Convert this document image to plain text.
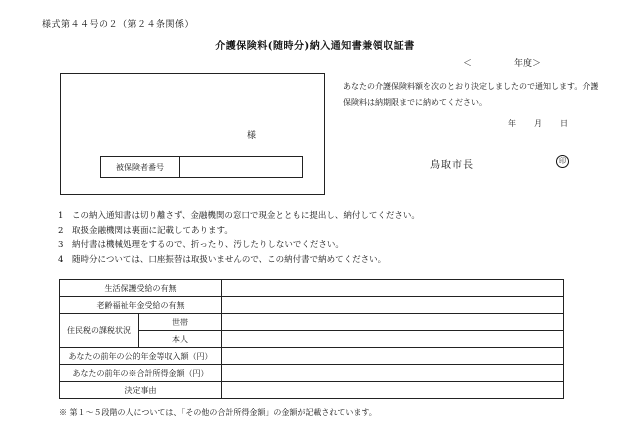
様式第４４号の２（第２４条関係）
介護保険料(随時分)納入通知書兼領収証書
＜	年度＞
様
被保険者番号	
あなたの介護保険料額を次のとおり決定しましたので通知します。介護保険料は納期限までに納めてください。
年 月 日
鳥取市長	印
1 この納入通知書は切り離さず、金融機関の窓口で現金とともに提出し、納付してください。
2 取扱金融機関は裏面に記載してあります。
3 納付書は機械処理をするので、折ったり、汚したりしないでください。
4 随時分については、口座振替は取扱いませんので、この納付書で納めてください。
生活保護受給の有無		
老齢福祉年金受給の有無		
住民税の課税状況	世帯	
	本人	
あなたの前年の公的年金等収入額（円）		
あなたの前年の※合計所得金額（円）		
決定事由		
※ 第１～５段階の人については、「その他の合計所得金額」の金額が記載されています。
